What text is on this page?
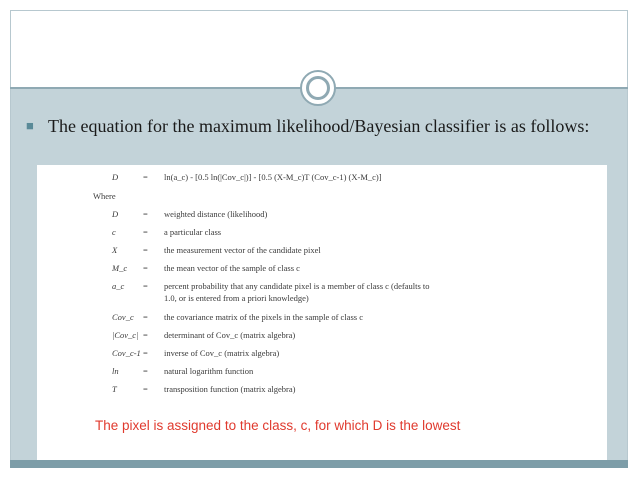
■ The equation for the maximum likelihood/Bayesian classifier is as follows:
D	= ln(a_c) - [0.5 ln(|Cov_c|)] - [0.5 (X-M_c)T (Cov_c-1) (X-M_c)]
Where
D	= weighted distance (likelihood)
c	= a particular class
X	= the measurement vector of the candidate pixel
M_c = the mean vector of the sample of class c
a_c = percent probability that any candidate pixel is a member of class c (defaults to
1.0, or is entered from a priori knowledge)
Cov_c = the covariance matrix of the pixels in the sample of class c
|Cov_c| = determinant of Cov_c (matrix algebra)
Cov_c-1 = inverse of Cov_c (matrix algebra)
ln	= natural logarithm function
T	= transposition function (matrix algebra)
The pixel is assigned to the class, c, for which D is the lowest
